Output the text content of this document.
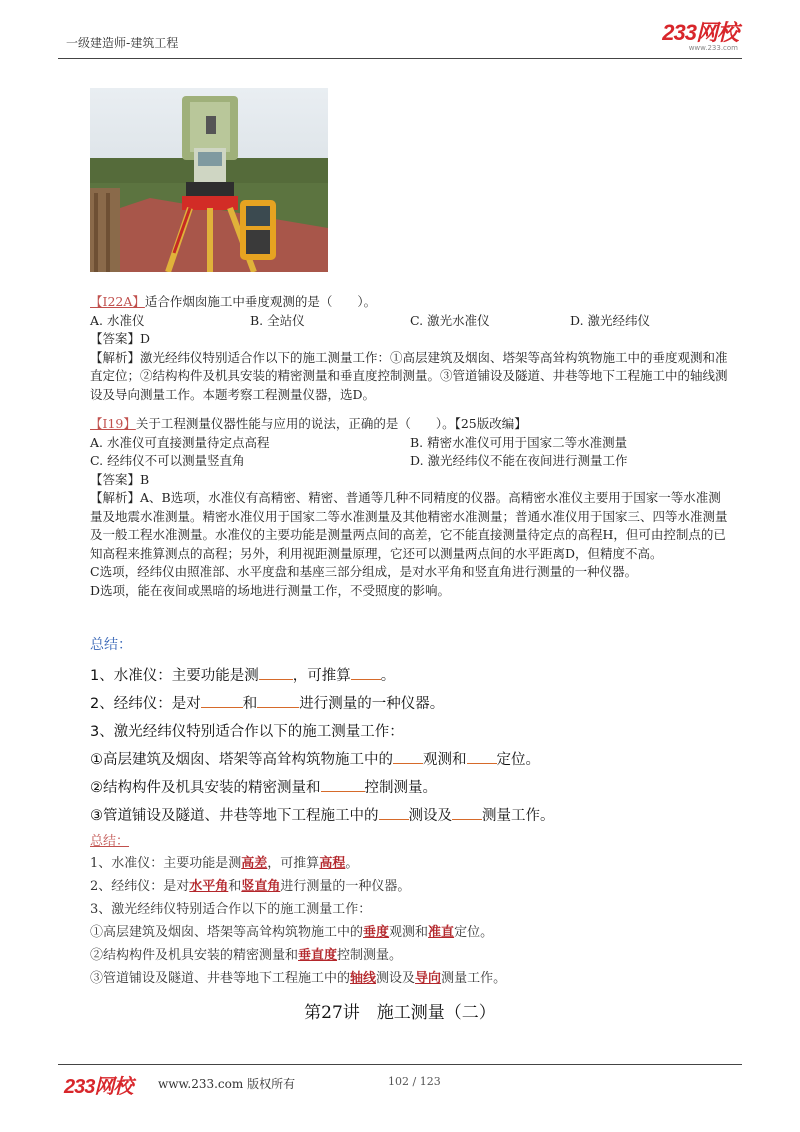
一级建造师-建筑工程	233网校
www.233.com
【I22A】适合作烟囱施工中垂度观测的是（　　）。
A. 水准仪	B. 全站仪	C. 激光水准仪	D. 激光经纬仪
【答案】D
【解析】激光经纬仪特别适合作以下的施工测量工作：①高层建筑及烟囱、塔架等高耸构筑物施工中的垂度观测和准直定位；②结构构件及机具安装的精密测量和垂直度控制测量。③管道铺设及隧道、井巷等地下工程施工中的轴线测设及导向测量工作。本题考察工程测量仪器，选D。
【I19】关于工程测量仪器性能与应用的说法，正确的是（　　）。【25版改编】
A. 水准仪可直接测量待定点高程	B. 精密水准仪可用于国家二等水准测量
C. 经纬仪不可以测量竖直角	D. 激光经纬仪不能在夜间进行测量工作
【答案】B
【解析】A、B选项，水准仪有高精密、精密、普通等几种不同精度的仪器。高精密水准仪主要用于国家一等水准测量及地震水准测量。精密水准仪用于国家二等水准测量及其他精密水准测量；普通水准仪用于国家三、四等水准测量及一般工程水准测量。水准仪的主要功能是测量两点间的高差，它不能直接测量待定点的高程H，但可由控制点的已知高程来推算测点的高程；另外，利用视距测量原理，它还可以测量两点间的水平距离D，但精度不高。
C选项，经纬仪由照准部、水平度盘和基座三部分组成，是对水平角和竖直角进行测量的一种仪器。
D选项，能在夜间或黑暗的场地进行测量工作，不受照度的影响。
总结：
1、水准仪：主要功能是测 ，可推算 。
2、经纬仪：是对	和	进行测量的一种仪器。
3、激光经纬仪特别适合作以下的施工测量工作：
①高层建筑及烟囱、塔架等高耸构筑物施工中的 观测和 定位。
②结构构件及机具安装的精密测量和	控制测量。
③管道铺设及隧道、井巷等地下工程施工中的 测设及 测量工作。
总结：
1、水准仪：主要功能是测高差，可推算高程。
2、经纬仪：是对水平角和竖直角进行测量的一种仪器。
3、激光经纬仪特别适合作以下的施工测量工作：
①高层建筑及烟囱、塔架等高耸构筑物施工中的垂度观测和准直定位。
②结构构件及机具安装的精密测量和垂直度控制测量。
③管道铺设及隧道、井巷等地下工程施工中的轴线测设及导向测量工作。
第27讲　施工测量（二）
233网校 www.233.com 版权所有	102 / 123
